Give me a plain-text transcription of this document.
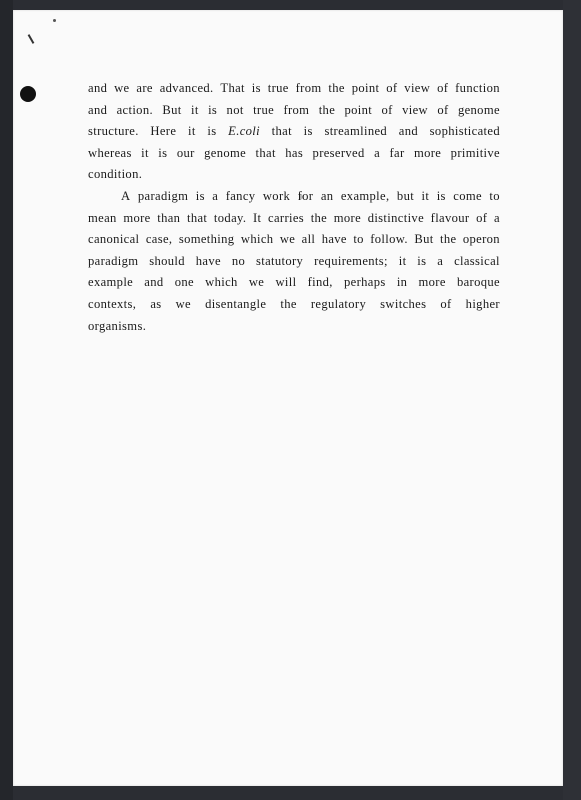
and we are advanced. That is true from the point of view of function
and action. But it is not true from the point of view of genome
structure. Here it is E.coli that is streamlined and sophisticated
whereas it is our genome that has preserved a far more primitive
condition.
A paradigm is a fancy work for an example, but it is come to
mean more than that today. It carries the more distinctive flavour of a
canonical case, something which we all have to follow. But the operon
paradigm should have no statutory requirements; it is a classical
example and one which we will find, perhaps in more baroque
contexts, as we disentangle the regulatory switches of higher
organisms.
